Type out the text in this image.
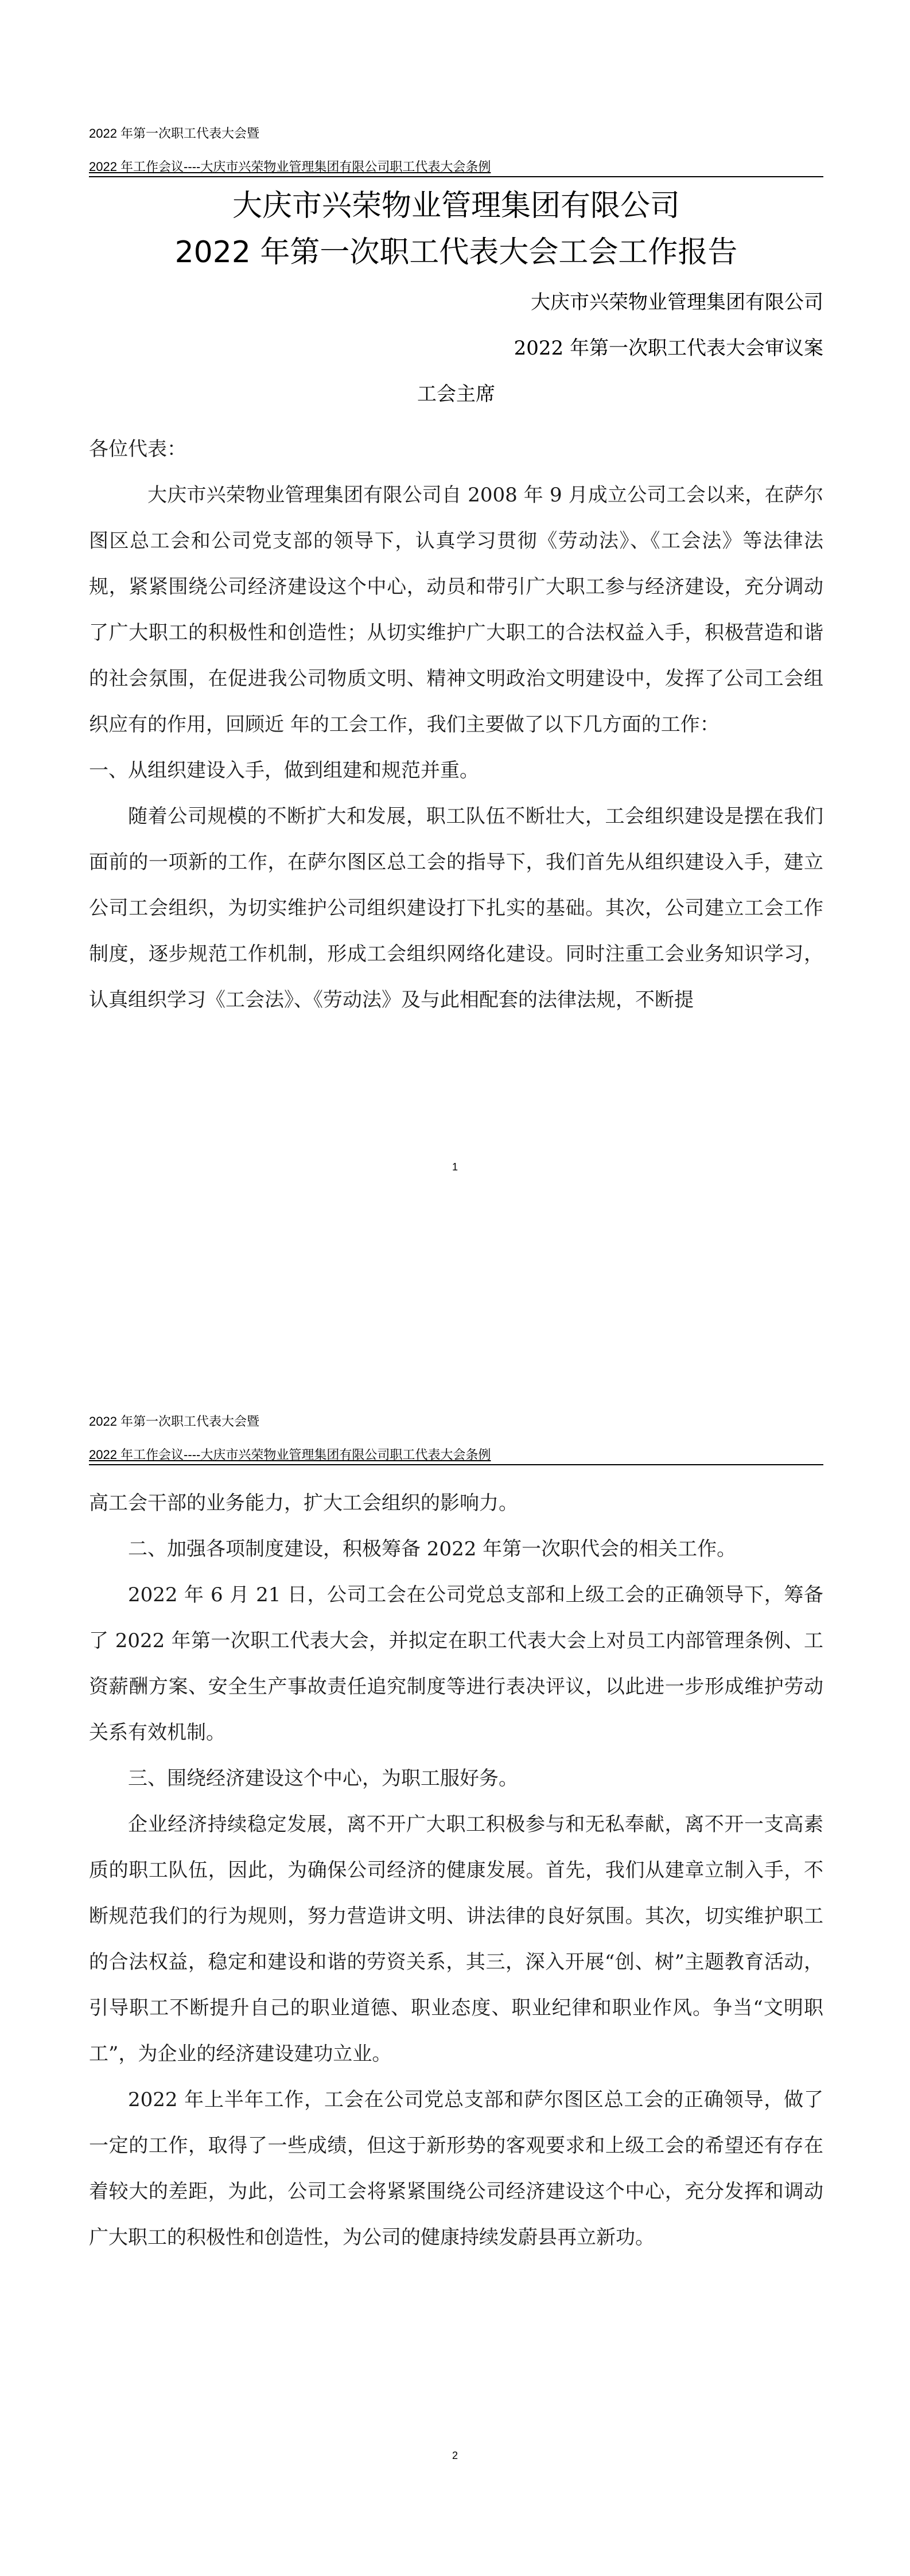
2022 年第一次职工代表大会暨
2022 年工作会议----大庆市兴荣物业管理集团有限公司职工代表大会条例
大庆市兴荣物业管理集团有限公司
2022 年第一次职工代表大会工会工作报告
大庆市兴荣物业管理集团有限公司
2022 年第一次职工代表大会审议案
工会主席

各位代表：

大庆市兴荣物业管理集团有限公司自 2008 年 9 月成立公司工会以来，在萨尔图区总工会和公司党支部的领导下，认真学习贯彻《劳动法》、《工会法》等法律法规，紧紧围绕公司经济建设这个中心，动员和带引广大职工参与经济建设，充分调动了广大职工的积极性和创造性；从切实维护广大职工的合法权益入手，积极营造和谐的社会氛围，在促进我公司物质文明、精神文明政治文明建设中，发挥了公司工会组织应有的作用，回顾近 年的工会工作，我们主要做了以下几方面的工作：

一、从组织建设入手，做到组建和规范并重。

随着公司规模的不断扩大和发展，职工队伍不断壮大，工会组织建设是摆在我们面前的一项新的工作，在萨尔图区总工会的指导下，我们首先从组织建设入手，建立公司工会组织，为切实维护公司组织建设打下扎实的基础。其次，公司建立工会工作制度，逐步规范工作机制，形成工会组织网络化建设。同时注重工会业务知识学习，认真组织学习《工会法》、《劳动法》及与此相配套的法律法规，不断提

1
2022 年第一次职工代表大会暨
2022 年工作会议----大庆市兴荣物业管理集团有限公司职工代表大会条例

高工会干部的业务能力，扩大工会组织的影响力。

二、加强各项制度建设，积极筹备 2022 年第一次职代会的相关工作。

2022 年 6 月 21 日，公司工会在公司党总支部和上级工会的正确领导下，筹备了 2022 年第一次职工代表大会，并拟定在职工代表大会上对员工内部管理条例、工资薪酬方案、安全生产事故责任追究制度等进行表决评议，以此进一步形成维护劳动关系有效机制。

三、围绕经济建设这个中心，为职工服好务。

企业经济持续稳定发展，离不开广大职工积极参与和无私奉献，离不开一支高素质的职工队伍，因此，为确保公司经济的健康发展。首先，我们从建章立制入手，不断规范我们的行为规则，努力营造讲文明、讲法律的良好氛围。其次，切实维护职工的合法权益，稳定和建设和谐的劳资关系，其三，深入开展“创、树”主题教育活动，引导职工不断提升自己的职业道德、职业态度、职业纪律和职业作风。争当“文明职工”，为企业的经济建设建功立业。

2022 年上半年工作，工会在公司党总支部和萨尔图区总工会的正确领导，做了一定的工作，取得了一些成绩，但这于新形势的客观要求和上级工会的希望还有存在着较大的差距，为此，公司工会将紧紧围绕公司经济建设这个中心，充分发挥和调动广大职工的积极性和创造性，为公司的健康持续发蔚县再立新功。

2
